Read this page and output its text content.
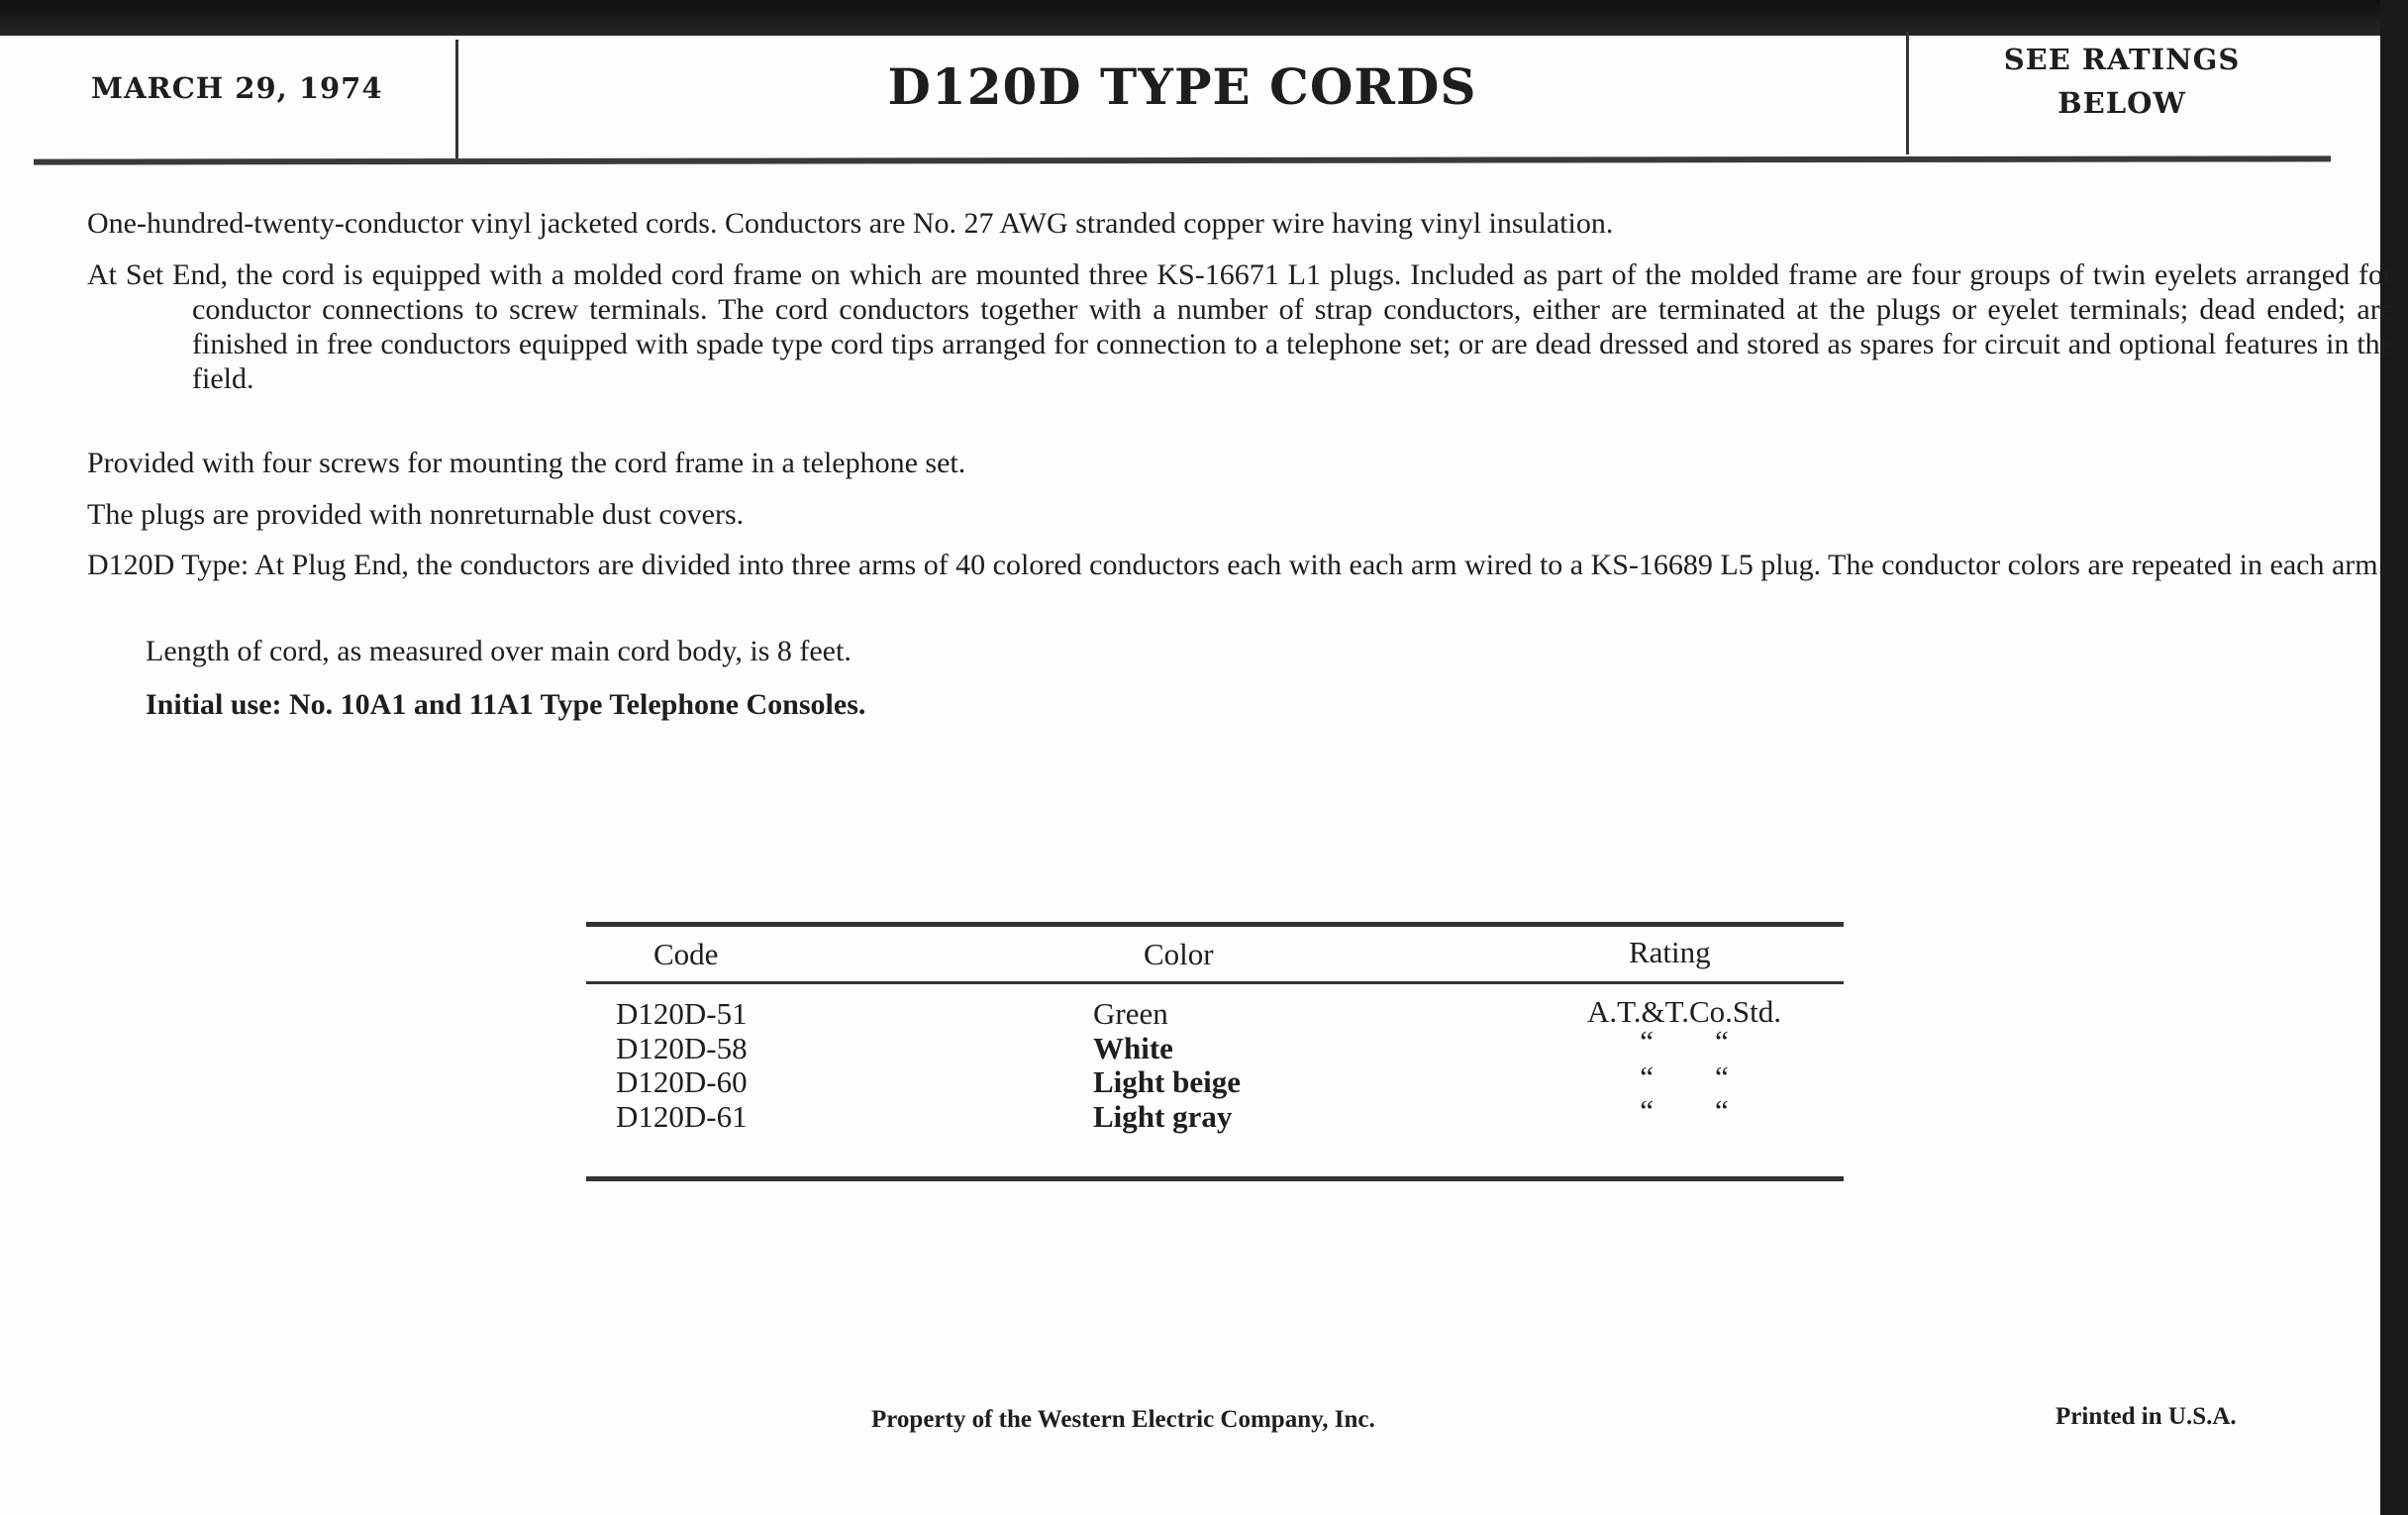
MARCH 29, 1974	D120D TYPE CORDS	SEE RATINGS
BELOW
One-hundred-twenty-conductor vinyl jacketed cords. Conductors are No. 27 AWG stranded copper wire having vinyl insulation.
At Set End, the cord is equipped with a molded cord frame on which are mounted three KS-16671 L1 plugs. Included as part of the molded frame are four groups of twin eyelets arranged for conductor connections to screw terminals. The cord conductors together with a number of strap conductors, either are terminated at the plugs or eyelet terminals; dead ended; are finished in free conductors equipped with spade type cord tips arranged for connection to a telephone set; or are dead dressed and stored as spares for circuit and optional features in the field.
Provided with four screws for mounting the cord frame in a telephone set.
The plugs are provided with nonreturnable dust covers.
D120D Type: At Plug End, the conductors are divided into three arms of 40 colored conductors each with each arm wired to a KS-16689 L5 plug. The conductor colors are repeated in each arm.
Length of cord, as measured over main cord body, is 8 feet.
Initial use: No. 10A1 and 11A1 Type Telephone Consoles.
Code	Color	Rating
D120D-51	Green	A.T.&T.Co.Std.
D120D-58	White	“        “
D120D-60	Light beige	“        “
D120D-61	Light gray	“        “
Property of the Western Electric Company, Inc.	Printed in U.S.A.
